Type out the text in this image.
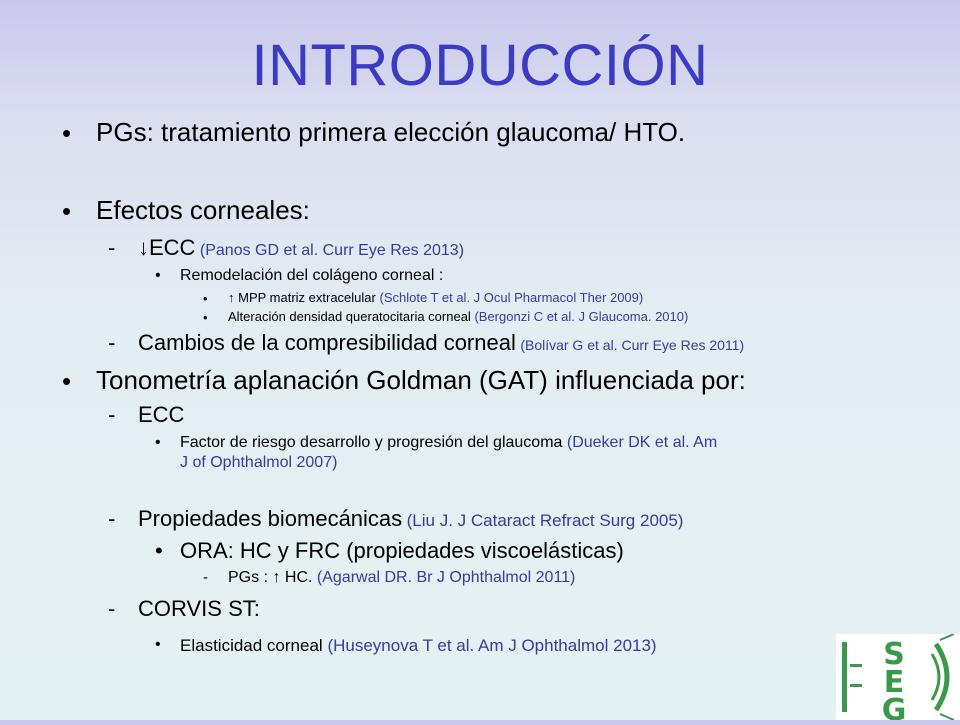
INTRODUCCIÓN
• PGs: tratamiento primera elección glaucoma/ HTO.
• Efectos corneales:
- ↓ECC (Panos GD et al. Curr Eye Res 2013)
• Remodelación del colágeno corneal :
• ↑ MPP matriz extracelular (Schlote T et al. J Ocul Pharmacol Ther 2009)
• Alteración densidad queratocitaria corneal (Bergonzi C et al. J Glaucoma. 2010)
- Cambios de la compresibilidad corneal (Bolívar G et al. Curr Eye Res 2011)
• Tonometría aplanación Goldman (GAT) influenciada por:
- ECC
• Factor de riesgo desarrollo y progresión del glaucoma (Dueker DK et al. Am
J of Ophthalmol 2007)
- Propiedades biomecánicas (Liu J. J Cataract Refract Surg 2005)
• ORA: HC y FRC (propiedades viscoelásticas)
- PGs : ↑ HC. (Agarwal DR. Br J Ophthalmol 2011)
- CORVIS ST:
• Elasticidad corneal (Huseynova T et al. Am J Ophthalmol 2013)	S
E
G
